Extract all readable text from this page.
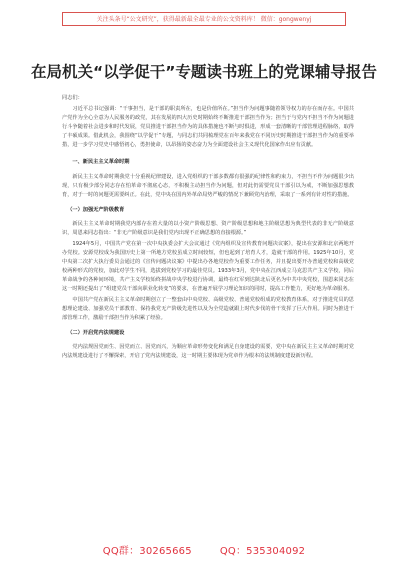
关注头条号“公文研究”，获得最新最全最专业的公文资料库！ 微信：gongwenyj
在局机关“以学促干”专题读书班上的党课辅导报告

同志们：

习近平总书记强调：“干事担当，是干部的职责所在，也是价值所在。”担当作为问题事随着领导权力的存在而存在。中国共产党作为全心全意为人民服务的政党，其在发展的四大历史时期始终不断推进干部担当作为；担当于与党内不担当不作为问题进行斗争随着社会进步和时代发展，党员推进干部担当作为的具体措施也不断与时俱进，形成一套清晰的干部管理进程脉络，取得了丰硕成果。借此机会，我围绕“以学促干”专题，与同志们共同梳理党在百年来我党在不同历史时期推进干部担当作为的重要举措，进一步学习党史中感悟初心，勇担使命，以昂扬的姿态奋力为全面建设社会主义现代化国家作出应有贡献。

一、新民主主义革命时期

新民主主义革命时期我党十分重视纪律建设，进入党组织的干部多数都有很强的纪律性和约束力，不担当不作为问题很少出现，只有极少部分同志存在怕革命不彻底心态，不积极主动担当作为问题，但对此仍需要党员干部引以为戒，不断加强思想教育，对于一时的问题更需要纠正。在此，党中央在国内外革命局势严峻的情况下兼顾党内治理，采取了一系列有针对性的措施。

（一）加强无产阶级教育

新民主主义革命时期我党内部存在着大量的以小资产阶级思想、资产阶级思想和地主阶级思想为典型代表的非无产阶级意识，周恩来同志指出：“非无产阶级意识是我们党内出现不正确思想的直接根源。”

1924年5月，中国共产党在第一次中央执委会扩大会议通过《党内组织及宣传教育问题决议案》，提出在安源和北京两地开办党校。安源党校成为我国历史上第一所地方党校虽成立时间较短，但也起到了培育人才，造就干部的作用。1925年10月，党中央第二次扩大执行委员会通过的《宣传问题决议案》中提出办各地党校作为重要工作任务，并且提出要开办普通党校和高级党校两种形式的党校，加此对学生不同，选拔到党校学习的最佳党员。1933年3月，党中央在江西成立马克思共产主义学校，同后革命战争的各种间环境，共产主义学校始终拼战中央学校进行协调，最终在红军到达陕北后更名为中共中央党校，围恩来同志在这一时期还提出了“组建党员干部向职业化转变”的要求，在普遍开展学习理论知识的同时，提高工作能力，更好地为革命服务。

中国共产党在新民主主义革命时期创立了一整套由中央党校、高级党校、普通党校组成的党校教育体系，对于推进党员的思想理论建设、加强党员干部教育、保持我党无产阶级先进性以及为全党造就跟上时代步伐的骨干发挥了巨大作用。同时为推进干部管理工作，激励干部担当作为积累了经验。

（二）开启党内法规建设

党内法规因党而生、因党而立、因党而兴，为顺应革命形势变化和满足自身建设的需要，党中央在新民主主义革命时期对党内法规建设进行了不懈探索，开启了党内法规建设，这一时期主要体现为党章作为根本的法规制度建设新历程。

QQ群：30265665	QQ：535304092
